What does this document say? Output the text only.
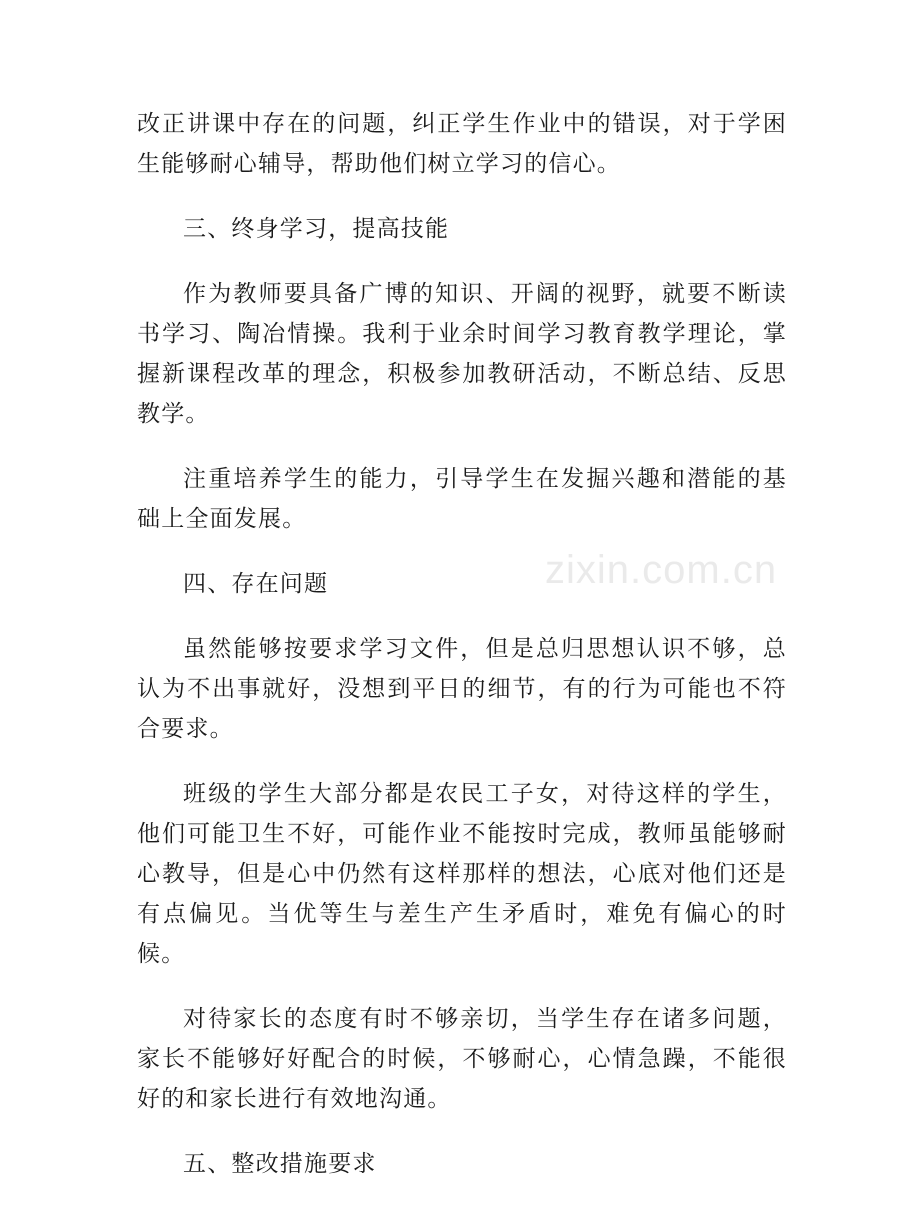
改正讲课中存在的问题，纠正学生作业中的错误，对于学困生能够耐心辅导，帮助他们树立学习的信心。

三、终身学习，提高技能

作为教师要具备广博的知识、开阔的视野，就要不断读书学习、陶冶情操。我利于业余时间学习教育教学理论，掌握新课程改革的理念，积极参加教研活动，不断总结、反思教学。

注重培养学生的能力，引导学生在发掘兴趣和潜能的基础上全面发展。

四、存在问题

虽然能够按要求学习文件，但是总归思想认识不够，总认为不出事就好，没想到平日的细节，有的行为可能也不符合要求。

班级的学生大部分都是农民工子女，对待这样的学生，他们可能卫生不好，可能作业不能按时完成，教师虽能够耐心教导，但是心中仍然有这样那样的想法，心底对他们还是有点偏见。当优等生与差生产生矛盾时，难免有偏心的时候。

对待家长的态度有时不够亲切，当学生存在诸多问题，家长不能够好好配合的时候，不够耐心，心情急躁，不能很好的和家长进行有效地沟通。

五、整改措施要求

zixin.com.cn
